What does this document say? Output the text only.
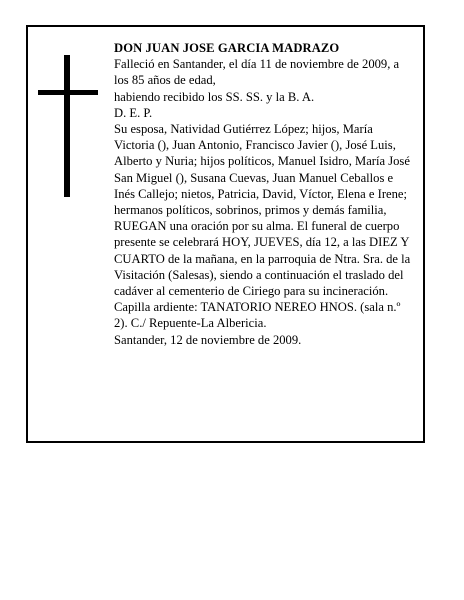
DON JUAN JOSE GARCIA MADRAZO

Falleció en Santander, el día 11 de noviembre de 2009, a los 85 años de edad,

habiendo recibido los SS. SS. y la B. A.

D. E. P.

Su esposa, Natividad Gutiérrez López; hijos, María Victoria (), Juan Antonio, Francisco Javier (), José Luis, Alberto y Nuria; hijos políticos, Manuel Isidro, María José San Miguel (), Susana Cuevas, Juan Manuel Ceballos e Inés Callejo; nietos, Patricia, David, Víctor, Elena e Irene; hermanos políticos, sobrinos, primos y demás familia,

RUEGAN una oración por su alma. El funeral de cuerpo presente se celebrará HOY, JUEVES, día 12, a las DIEZ Y CUARTO de la mañana, en la parroquia de Ntra. Sra. de la Visitación (Salesas), siendo a continuación el traslado del cadáver al cementerio de Ciriego para su incineración. Capilla ardiente: TANATORIO NEREO HNOS. (sala n.º 2). C./ Repuente-La Albericia.

Santander, 12 de noviembre de 2009.
